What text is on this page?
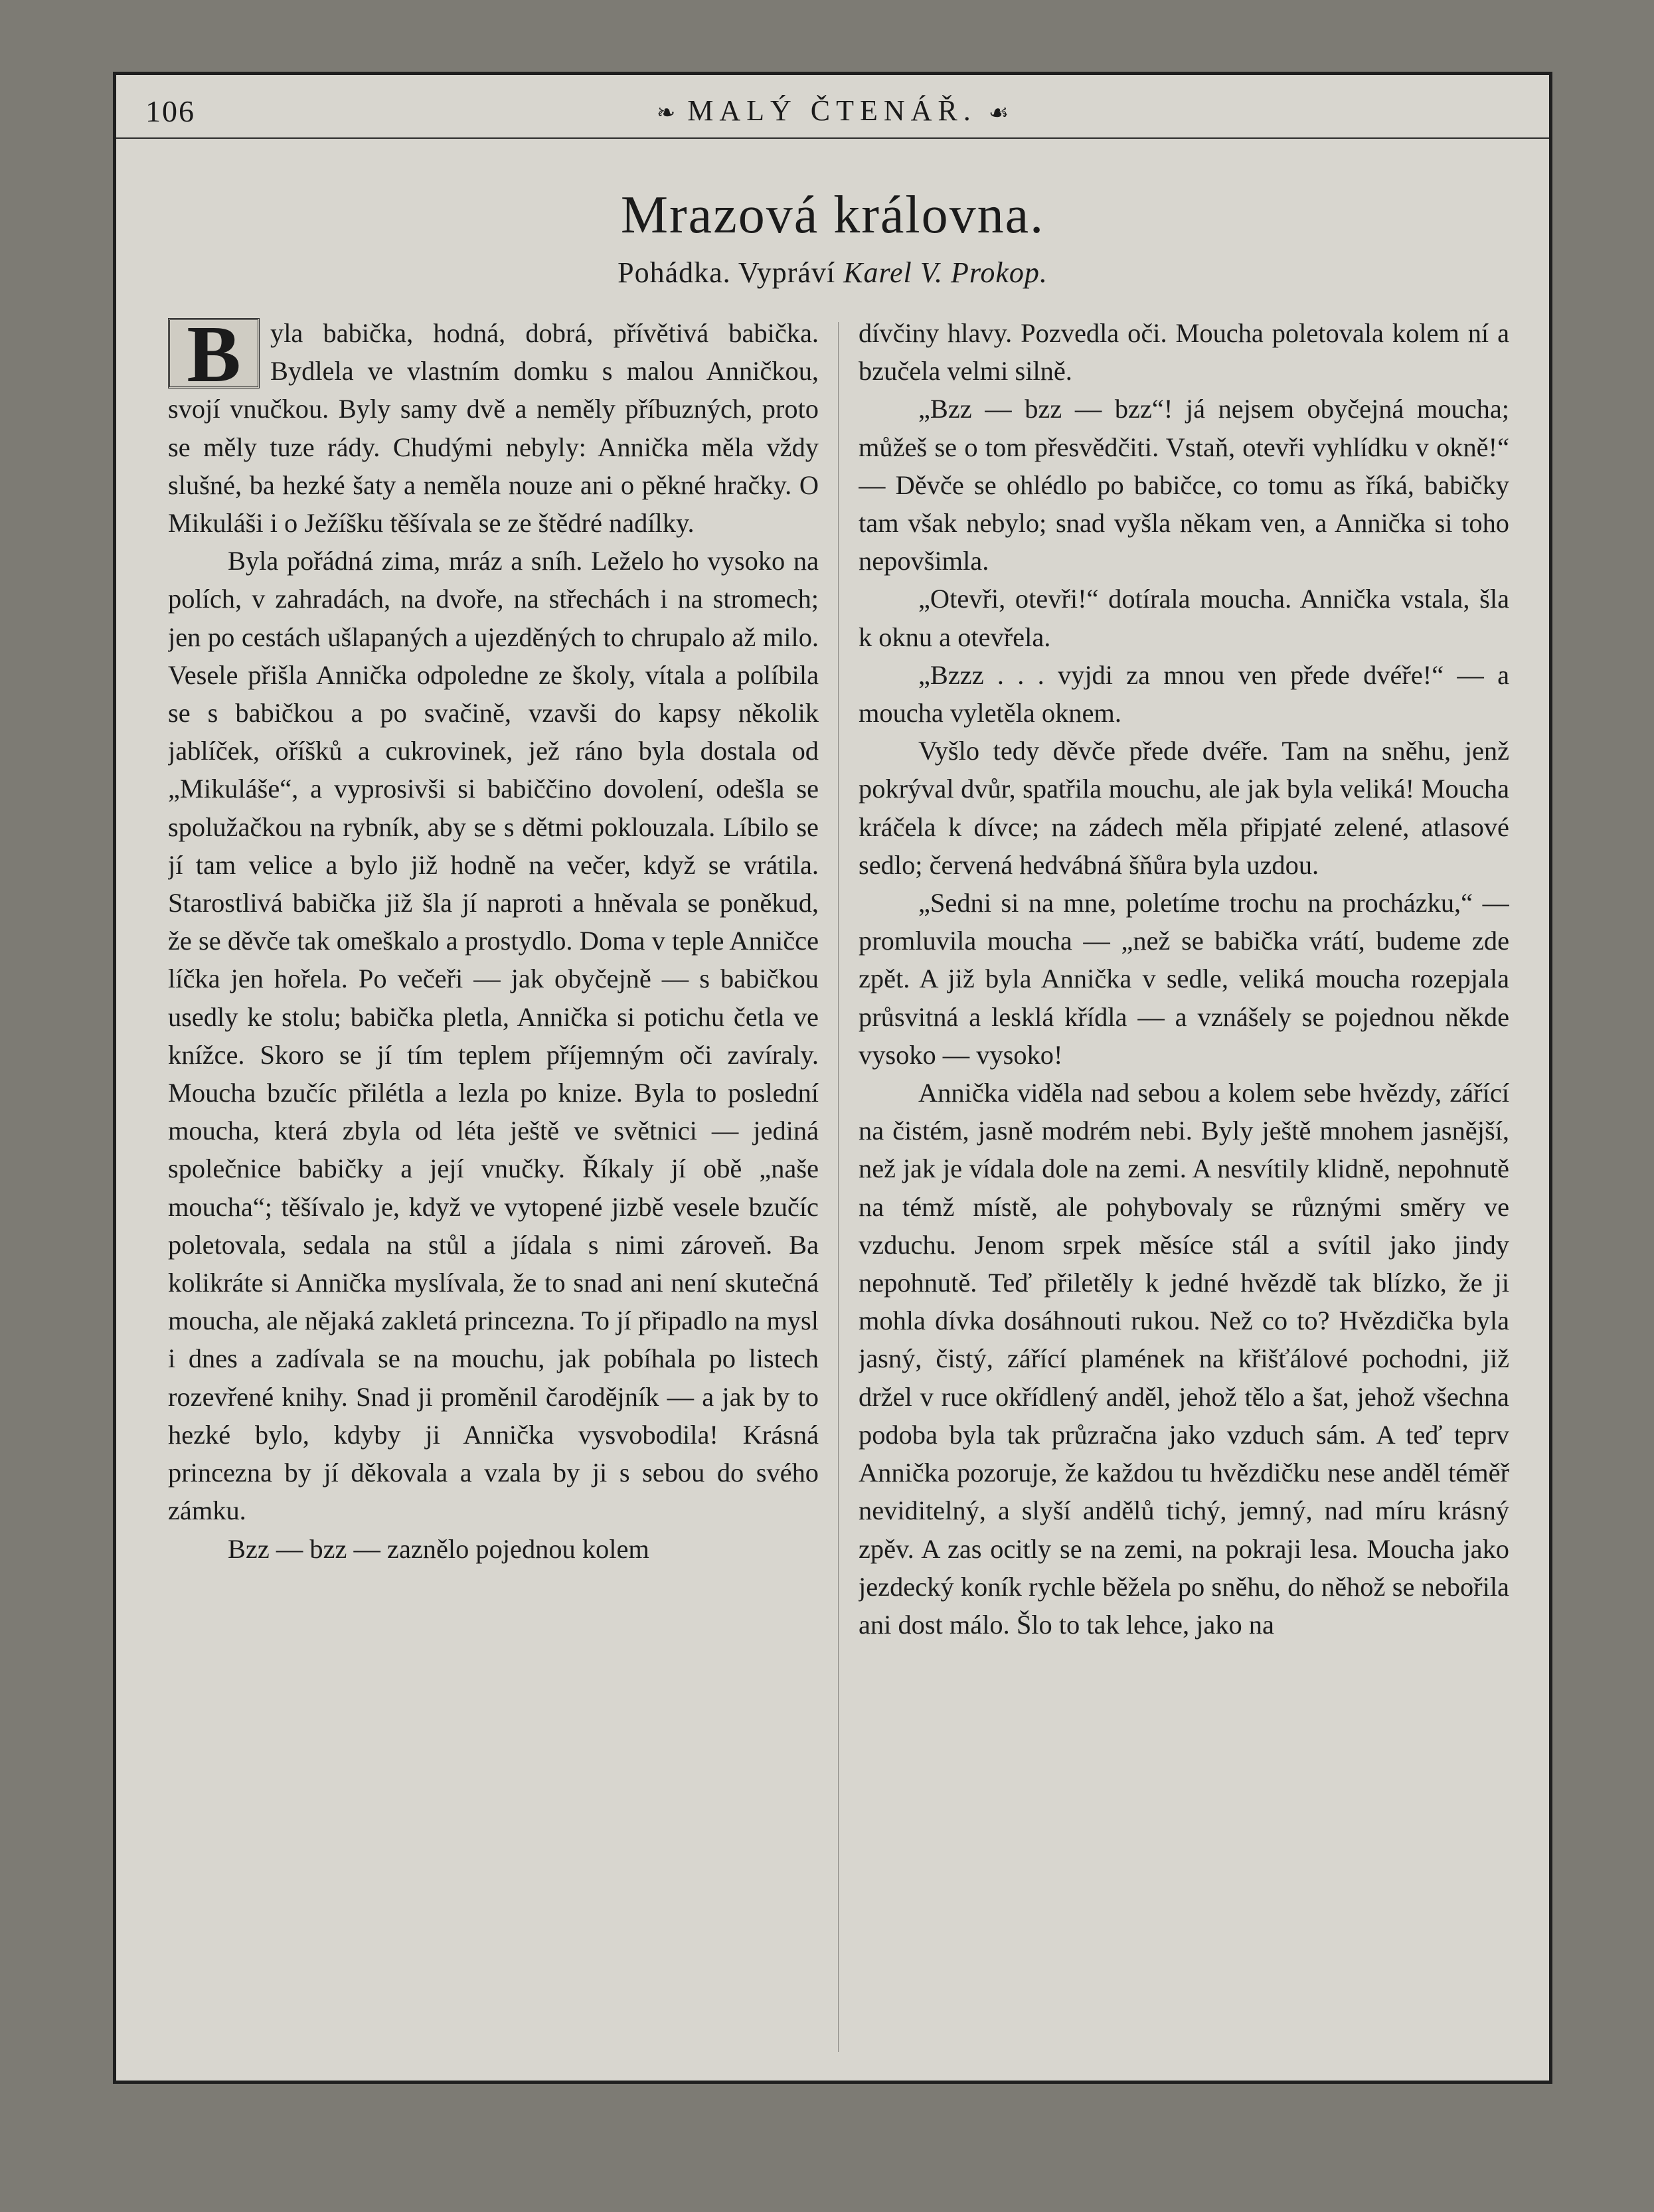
106	❧ MALÝ ČTENÁŘ. ☙
Mrazová královna.
Pohádka. Vypráví Karel V. Prokop.

B	yla babička, hodná, dobrá, přívětivá babička. Bydlela ve vlastním domku s malou Anničkou, svojí vnučkou. Byly samy dvě a neměly příbuzných, proto se měly tuze rády. Chudými nebyly: Annička měla vždy slušné, ba hezké šaty a neměla nouze ani o pěkné hračky. O Mikuláši i o Ježíšku těšívala se ze štědré nadílky.

Byla pořádná zima, mráz a sníh. Leželo ho vysoko na polích, v zahradách, na dvoře, na střechách i na stromech; jen po cestách ušlapaných a ujezděných to chrupalo až milo. Vesele přišla Annička odpoledne ze školy, vítala a políbila se s babičkou a po svačině, vzavši do kapsy několik jablíček, oříšků a cukrovinek, jež ráno byla dostala od „Mikuláše“, a vyprosivši si babiččino dovolení, odešla se spolužačkou na rybník, aby se s dětmi poklouzala. Líbilo se jí tam velice a bylo již hodně na večer, když se vrátila. Starostlivá babička již šla jí naproti a hněvala se poněkud, že se děvče tak omeškalo a prostydlo. Doma v teple Anničce líčka jen hořela. Po večeři — jak obyčejně — s babičkou usedly ke stolu; babička pletla, Annička si potichu četla ve knížce. Skoro se jí tím teplem příjemným oči zavíraly. Moucha bzučíc přilétla a lezla po knize. Byla to poslední moucha, která zbyla od léta ještě ve světnici — jediná společnice babičky a její vnučky. Říkaly jí obě „naše moucha“; těšívalo je, když ve vytopené jizbě vesele bzučíc poletovala, sedala na stůl a jídala s nimi zároveň. Ba kolikráte si Annička myslívala, že to snad ani není skutečná moucha, ale nějaká zakletá princezna. To jí připadlo na mysl i dnes a zadívala se na mouchu, jak pobíhala po listech rozevřené knihy. Snad ji proměnil čarodějník — a jak by to hezké bylo, kdyby ji Annička vysvobodila! Krásná princezna by jí děkovala a vzala by ji s sebou do svého zámku.

Bzz — bzz — zaznělo pojednou kolem

dívčiny hlavy. Pozvedla oči. Moucha poletovala kolem ní a bzučela velmi silně.

„Bzz — bzz — bzz“! já nejsem obyčejná moucha; můžeš se o tom přesvědčiti. Vstaň, otevři vyhlídku v okně!“ — Děvče se ohlédlo po babičce, co tomu as říká, babičky tam však nebylo; snad vyšla někam ven, a Annička si toho nepovšimla.

„Otevři, otevři!“ dotírala moucha. Annička vstala, šla k oknu a otevřela.

„Bzzz . . . vyjdi za mnou ven přede dvéře!“ — a moucha vyletěla oknem.

Vyšlo tedy děvče přede dvéře. Tam na sněhu, jenž pokrýval dvůr, spatřila mouchu, ale jak byla veliká! Moucha kráčela k dívce; na zádech měla připjaté zelené, atlasové sedlo; červená hedvábná šňůra byla uzdou.

„Sedni si na mne, poletíme trochu na procházku,“ — promluvila moucha — „než se babička vrátí, budeme zde zpět. A již byla Annička v sedle, veliká moucha rozepjala průsvitná a lesklá křídla — a vznášely se pojednou někde vysoko — vysoko!

Annička viděla nad sebou a kolem sebe hvězdy, zářící na čistém, jasně modrém nebi. Byly ještě mnohem jasnější, než jak je vídala dole na zemi. A nesvítily klidně, nepohnutě na témž místě, ale pohybovaly se různými směry ve vzduchu. Jenom srpek měsíce stál a svítil jako jindy nepohnutě. Teď přiletěly k jedné hvězdě tak blízko, že ji mohla dívka dosáhnouti rukou. Než co to? Hvězdička byla jasný, čistý, zářící plamének na křišťálové pochodni, již držel v ruce okřídlený anděl, jehož tělo a šat, jehož všechna podoba byla tak průzračna jako vzduch sám. A teď teprv Annička pozoruje, že každou tu hvězdičku nese anděl téměř neviditelný, a slyší andělů tichý, jemný, nad míru krásný zpěv. A zas ocitly se na zemi, na pokraji lesa. Moucha jako jezdecký koník rychle běžela po sněhu, do něhož se nebořila ani dost málo. Šlo to tak lehce, jako na
